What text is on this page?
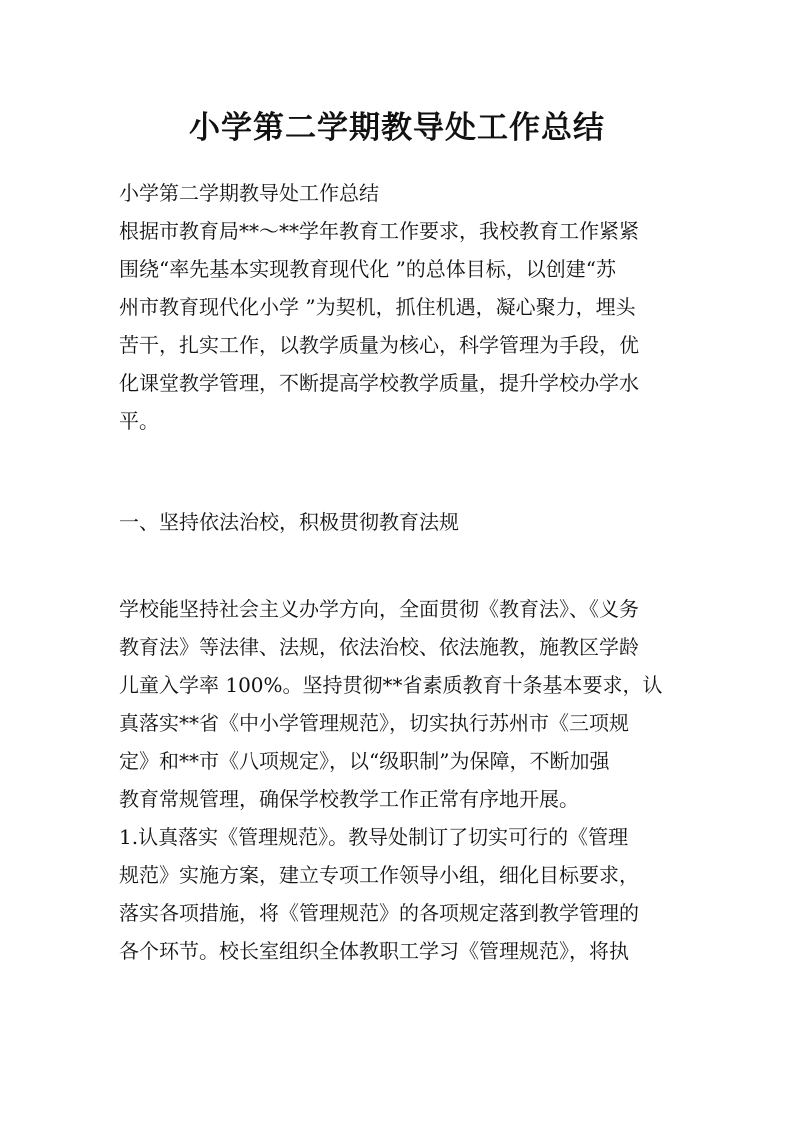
小学第二学期教导处工作总结
小学第二学期教导处工作总结
根据市教育局**～**学年教育工作要求，我校教育工作紧紧
围绕“率先基本实现教育现代化 ”的总体目标，以创建“苏
州市教育现代化小学 ”为契机，抓住机遇，凝心聚力，埋头
苦干，扎实工作，以教学质量为核心，科学管理为手段，优
化课堂教学管理，不断提高学校教学质量，提升学校办学水
平。
一、坚持依法治校，积极贯彻教育法规
学校能坚持社会主义办学方向，全面贯彻《教育法》、《义务
教育法》等法律、法规，依法治校、依法施教，施教区学龄
儿童入学率 100%。坚持贯彻**省素质教育十条基本要求，认
真落实**省《中小学管理规范》，切实执行苏州市《三项规
定》和**市《八项规定》，以“级职制”为保障，不断加强
教育常规管理，确保学校教学工作正常有序地开展。
1.认真落实《管理规范》。教导处制订了切实可行的《管理
规范》实施方案，建立专项工作领导小组，细化目标要求，
落实各项措施，将《管理规范》的各项规定落到教学管理的
各个环节。校长室组织全体教职工学习《管理规范》，将执
